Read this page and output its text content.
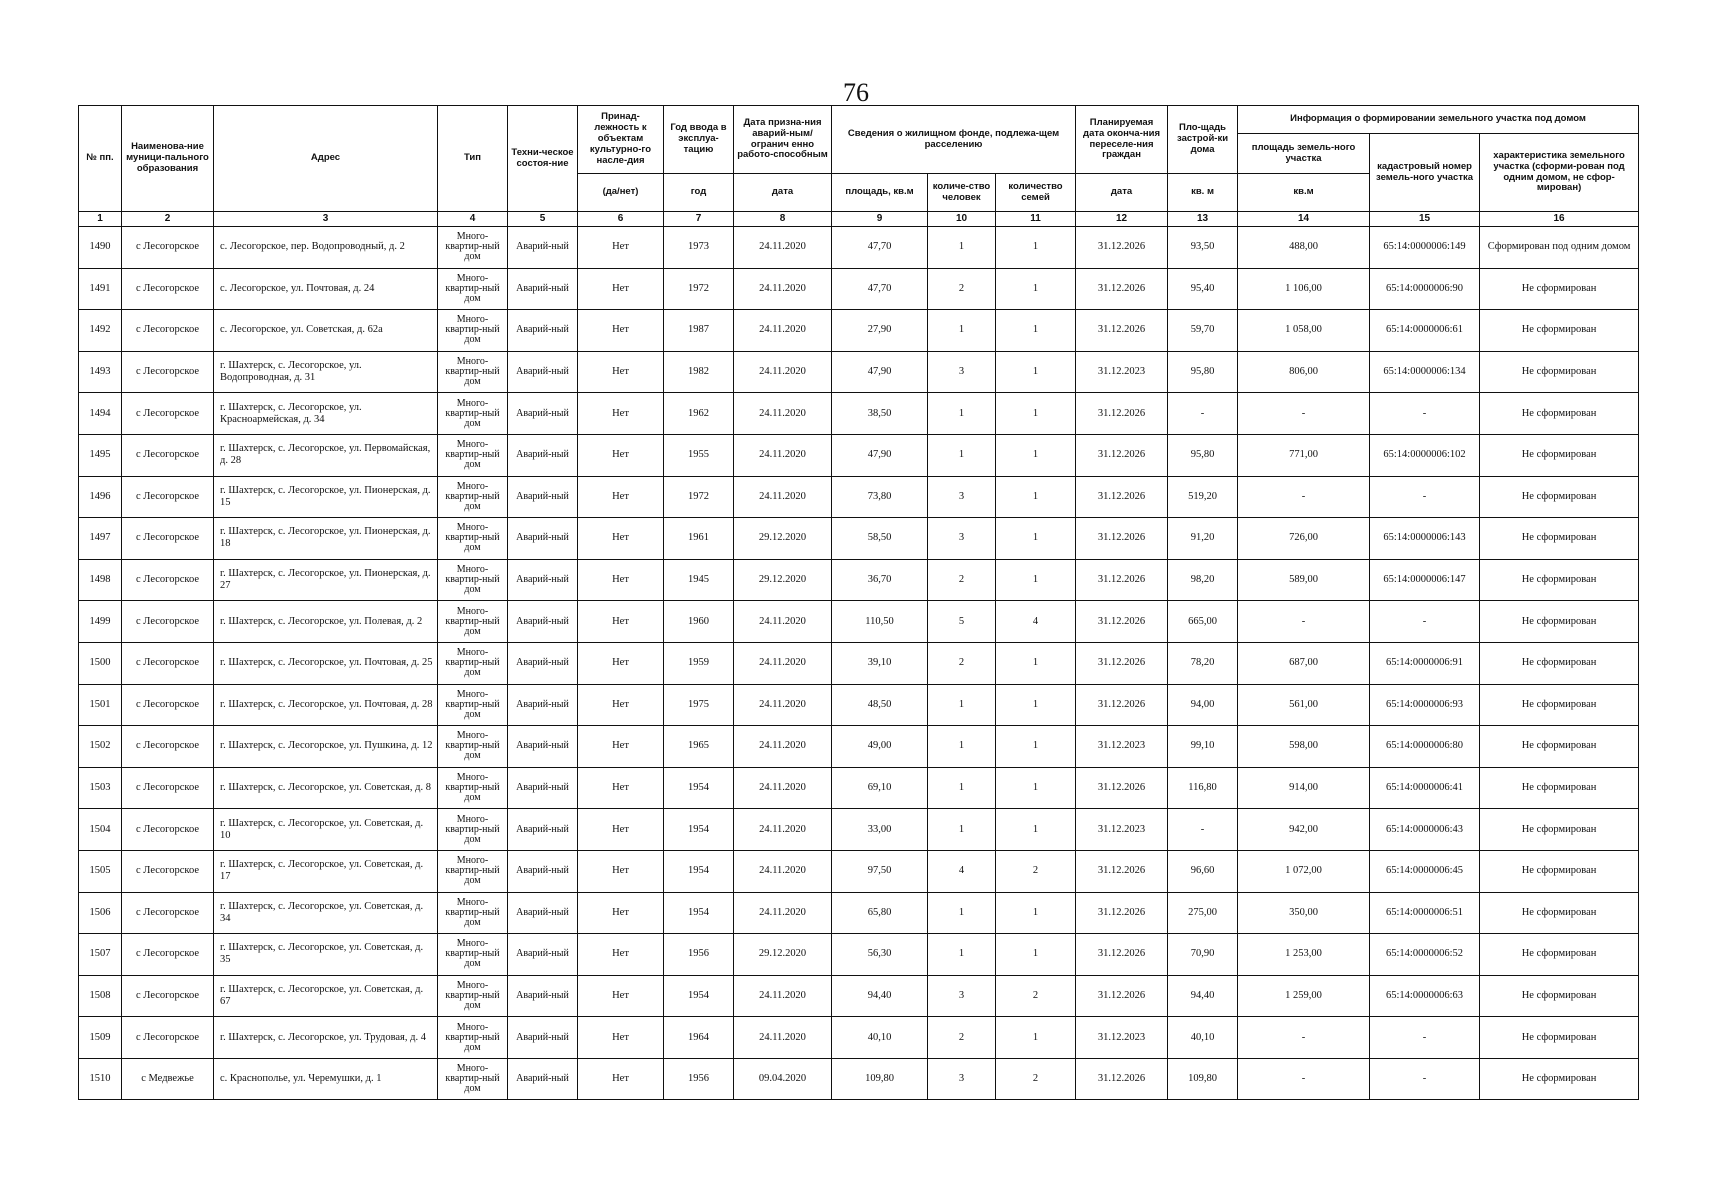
76
№ пп.	Наименова-ние муници-пального образования	Адрес	Тип	Техни-ческое состоя-ние	Принад-лежность к объектам культурно-го насле-дия	Год ввода в эксплуа-тацию	Дата призна-ния аварий-ным/огранич енно работо-способным	Сведения о жилищном фонде, подлежа-щем расселению			Планируемая дата оконча-ния переселе-ния граждан	Пло-щадь застрой-ки дома	Информация о формировании земельного участка под домом		
													площадь земель-ного участка	кадастровый номер земель-ного участка	характеристика земельного участка (сформи-рован под одним домом, не сфор-мирован)
					(да/нет)	год	дата	площадь, кв.м	количе-ство человек	количество семей	дата	кв. м	кв.м		
1	2	3	4	5	6	7	8	9	10	11	12	13	14	15	16
1490	с Лесогорское	с. Лесогорское, пер. Водопроводный, д. 2	Много-квартир-ный дом	Аварий-ный	Нет	1973	24.11.2020	47,70	1	1	31.12.2026	93,50	488,00	65:14:0000006:149	Сформирован под одним домом
1491	с Лесогорское	с. Лесогорское, ул. Почтовая, д. 24	Много-квартир-ный дом	Аварий-ный	Нет	1972	24.11.2020	47,70	2	1	31.12.2026	95,40	1 106,00	65:14:0000006:90	Не сформирован
1492	с Лесогорское	с. Лесогорское, ул. Советская, д. 62а	Много-квартир-ный дом	Аварий-ный	Нет	1987	24.11.2020	27,90	1	1	31.12.2026	59,70	1 058,00	65:14:0000006:61	Не сформирован
1493	с Лесогорское	г. Шахтерск, с. Лесогорское, ул. Водопроводная, д. 31	Много-квартир-ный дом	Аварий-ный	Нет	1982	24.11.2020	47,90	3	1	31.12.2023	95,80	806,00	65:14:0000006:134	Не сформирован
1494	с Лесогорское	г. Шахтерск, с. Лесогорское, ул. Красноармейская, д. 34	Много-квартир-ный дом	Аварий-ный	Нет	1962	24.11.2020	38,50	1	1	31.12.2026	-	-	-	Не сформирован
1495	с Лесогорское	г. Шахтерск, с. Лесогорское, ул. Первомайская, д. 28	Много-квартир-ный дом	Аварий-ный	Нет	1955	24.11.2020	47,90	1	1	31.12.2026	95,80	771,00	65:14:0000006:102	Не сформирован
1496	с Лесогорское	г. Шахтерск, с. Лесогорское, ул. Пионерская, д. 15	Много-квартир-ный дом	Аварий-ный	Нет	1972	24.11.2020	73,80	3	1	31.12.2026	519,20	-	-	Не сформирован
1497	с Лесогорское	г. Шахтерск, с. Лесогорское, ул. Пионерская, д. 18	Много-квартир-ный дом	Аварий-ный	Нет	1961	29.12.2020	58,50	3	1	31.12.2026	91,20	726,00	65:14:0000006:143	Не сформирован
1498	с Лесогорское	г. Шахтерск, с. Лесогорское, ул. Пионерская, д. 27	Много-квартир-ный дом	Аварий-ный	Нет	1945	29.12.2020	36,70	2	1	31.12.2026	98,20	589,00	65:14:0000006:147	Не сформирован
1499	с Лесогорское	г. Шахтерск, с. Лесогорское, ул. Полевая, д. 2	Много-квартир-ный дом	Аварий-ный	Нет	1960	24.11.2020	110,50	5	4	31.12.2026	665,00	-	-	Не сформирован
1500	с Лесогорское	г. Шахтерск, с. Лесогорское, ул. Почтовая, д. 25	Много-квартир-ный дом	Аварий-ный	Нет	1959	24.11.2020	39,10	2	1	31.12.2026	78,20	687,00	65:14:0000006:91	Не сформирован
1501	с Лесогорское	г. Шахтерск, с. Лесогорское, ул. Почтовая, д. 28	Много-квартир-ный дом	Аварий-ный	Нет	1975	24.11.2020	48,50	1	1	31.12.2026	94,00	561,00	65:14:0000006:93	Не сформирован
1502	с Лесогорское	г. Шахтерск, с. Лесогорское, ул. Пушкина, д. 12	Много-квартир-ный дом	Аварий-ный	Нет	1965	24.11.2020	49,00	1	1	31.12.2023	99,10	598,00	65:14:0000006:80	Не сформирован
1503	с Лесогорское	г. Шахтерск, с. Лесогорское, ул. Советская, д. 8	Много-квартир-ный дом	Аварий-ный	Нет	1954	24.11.2020	69,10	1	1	31.12.2026	116,80	914,00	65:14:0000006:41	Не сформирован
1504	с Лесогорское	г. Шахтерск, с. Лесогорское, ул. Советская, д. 10	Много-квартир-ный дом	Аварий-ный	Нет	1954	24.11.2020	33,00	1	1	31.12.2023	-	942,00	65:14:0000006:43	Не сформирован
1505	с Лесогорское	г. Шахтерск, с. Лесогорское, ул. Советская, д. 17	Много-квартир-ный дом	Аварий-ный	Нет	1954	24.11.2020	97,50	4	2	31.12.2026	96,60	1 072,00	65:14:0000006:45	Не сформирован
1506	с Лесогорское	г. Шахтерск, с. Лесогорское, ул. Советская, д. 34	Много-квартир-ный дом	Аварий-ный	Нет	1954	24.11.2020	65,80	1	1	31.12.2026	275,00	350,00	65:14:0000006:51	Не сформирован
1507	с Лесогорское	г. Шахтерск, с. Лесогорское, ул. Советская, д. 35	Много-квартир-ный дом	Аварий-ный	Нет	1956	29.12.2020	56,30	1	1	31.12.2026	70,90	1 253,00	65:14:0000006:52	Не сформирован
1508	с Лесогорское	г. Шахтерск, с. Лесогорское, ул. Советская, д. 67	Много-квартир-ный дом	Аварий-ный	Нет	1954	24.11.2020	94,40	3	2	31.12.2026	94,40	1 259,00	65:14:0000006:63	Не сформирован
1509	с Лесогорское	г. Шахтерск, с. Лесогорское, ул. Трудовая, д. 4	Много-квартир-ный дом	Аварий-ный	Нет	1964	24.11.2020	40,10	2	1	31.12.2023	40,10	-	-	Не сформирован
1510	с Медвежье	с. Краснополье, ул. Черемушки, д. 1	Много-квартир-ный дом	Аварий-ный	Нет	1956	09.04.2020	109,80	3	2	31.12.2026	109,80	-	-	Не сформирован
